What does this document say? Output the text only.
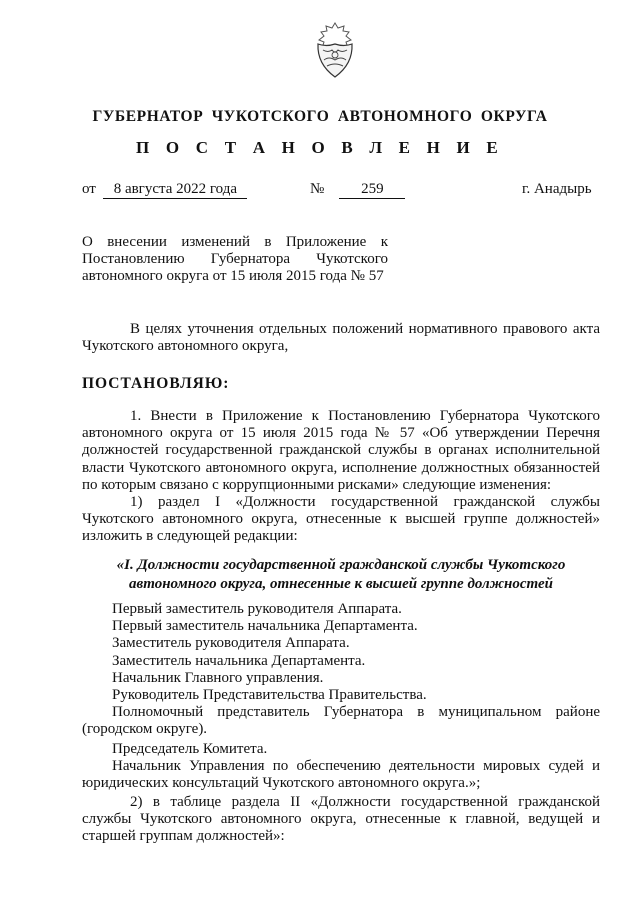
ГУБЕРНАТОР ЧУКОТСКОГО АВТОНОМНОГО ОКРУГА
П О С Т А Н О В Л Е Н И Е
от 8 августа 2022 года	№ 259	г. Анадырь
О внесении изменений в Приложение к
Постановлению Губернатора Чукотского
автономного округа от 15 июля 2015 года № 57
В целях уточнения отдельных положений нормативного правового акта
Чукотского автономного округа,
ПОСТАНОВЛЯЮ:
1. Внести в Приложение к Постановлению Губернатора Чукотского
автономного округа от 15 июля 2015 года № 57 «Об утверждении Перечня
должностей государственной гражданской службы в органах исполнительной
власти Чукотского автономного округа, исполнение должностных обязанностей
по которым связано с коррупционными рисками» следующие изменения:
1) раздел I «Должности государственной гражданской службы
Чукотского автономного округа, отнесенные к высшей группе должностей»
изложить в следующей редакции:
«I. Должности государственной гражданской службы Чукотского
автономного округа, отнесенные к высшей группе должностей
Первый заместитель руководителя Аппарата.
Первый заместитель начальника Департамента.
Заместитель руководителя Аппарата.
Заместитель начальника Департамента.
Начальник Главного управления.
Руководитель Представительства Правительства.
Полномочный представитель Губернатора в муниципальном районе
(городском округе).
Председатель Комитета.
Начальник Управления по обеспечению деятельности мировых судей и
юридических консультаций Чукотского автономного округа.»;
2) в таблице раздела II «Должности государственной гражданской
службы Чукотского автономного округа, отнесенные к главной, ведущей и
старшей группам должностей»:
